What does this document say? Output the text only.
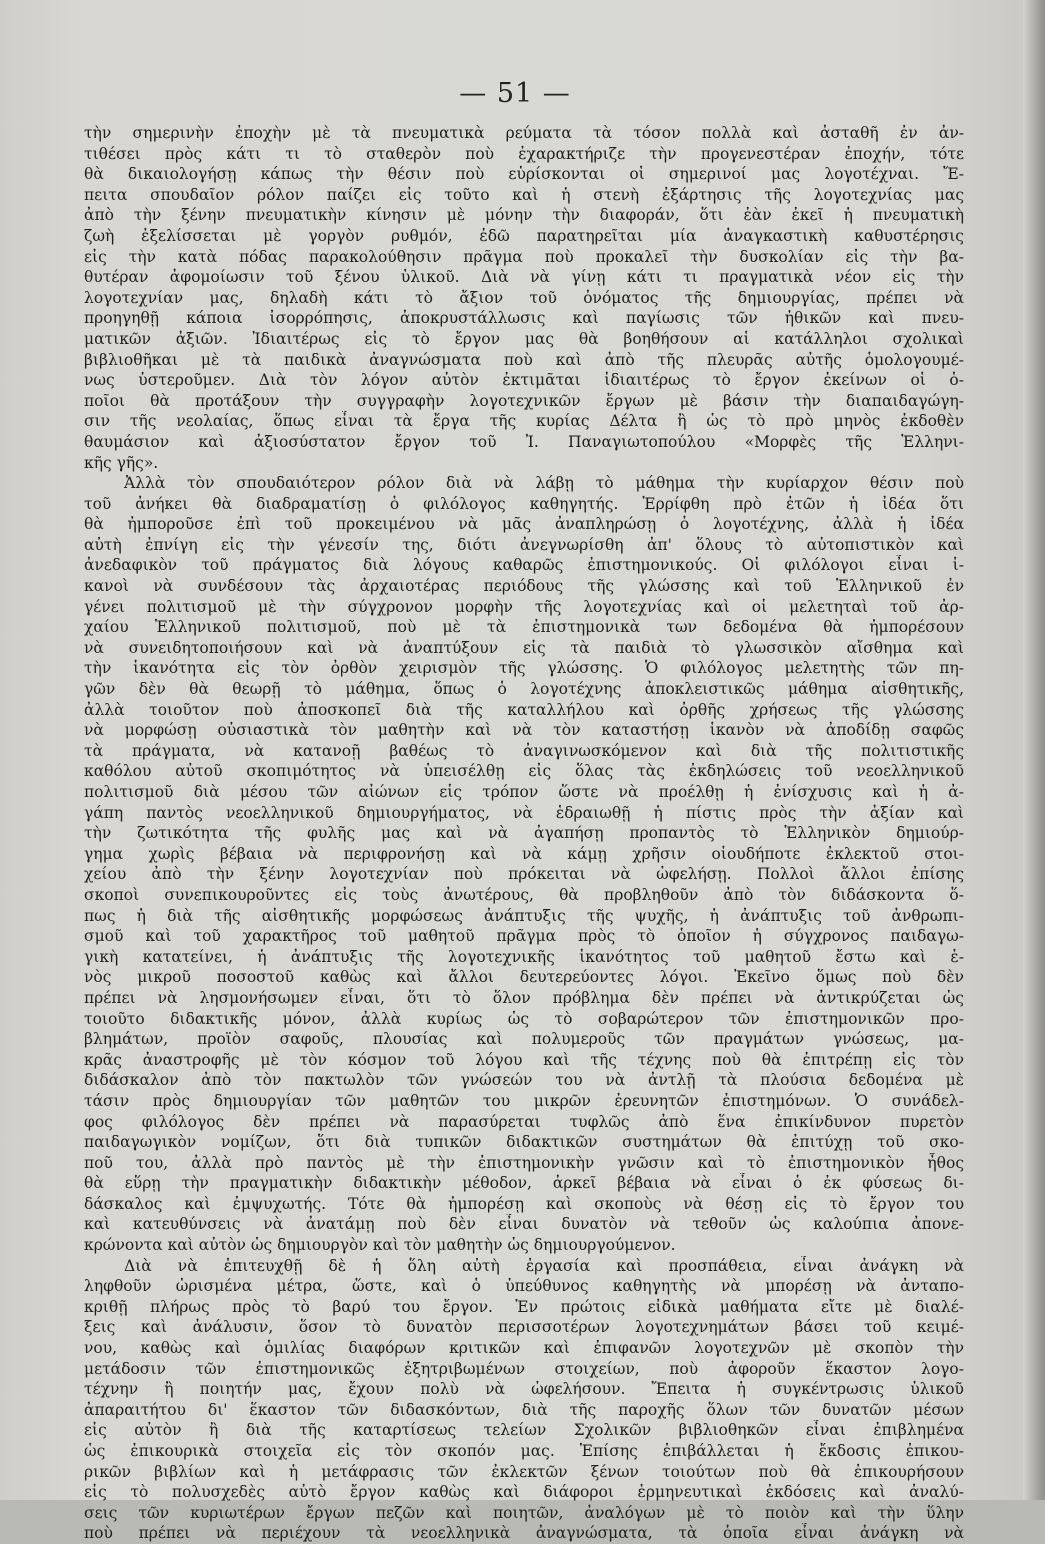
— 51 —
τὴν σημερινὴν ἐποχὴν μὲ τὰ πνευματικὰ ρεύματα τὰ τόσον πολλὰ καὶ ἀσταθῆ ἐν ἀν-
τιθέσει πρὸς κάτι τι τὸ σταθερὸν ποὺ ἐχαρακτήριζε τὴν προγενεστέραν ἐποχήν, τότε
θὰ δικαιολογήσῃ κάπως τὴν θέσιν ποὺ εὑρίσκονται οἱ σημερινοί μας λογοτέχναι. Ἔ-
πειτα σπουδαῖον ρόλον παίζει εἰς τοῦτο καὶ ἡ στενὴ ἐξάρτησις τῆς λογοτεχνίας μας
ἀπὸ τὴν ξένην πνευματικὴν κίνησιν μὲ μόνην τὴν διαφοράν, ὅτι ἐὰν ἐκεῖ ἡ πνευματικὴ
ζωὴ ἐξελίσσεται μὲ γοργὸν ρυθμόν, ἐδῶ παρατηρεῖται μία ἀναγκαστικὴ καθυστέρησις
εἰς τὴν κατὰ πόδας παρακολούθησιν πρᾶγμα ποὺ προκαλεῖ τὴν δυσκολίαν εἰς τὴν βα-
θυτέραν ἀφομοίωσιν τοῦ ξένου ὑλικοῦ. Διὰ νὰ γίνῃ κάτι τι πραγματικὰ νέον εἰς τὴν
λογοτεχνίαν μας, δηλαδὴ κάτι τὸ ἄξιον τοῦ ὀνόματος τῆς δημιουργίας, πρέπει νὰ
προηγηθῇ κάποια ἰσορρόπησις, ἀποκρυστάλλωσις καὶ παγίωσις τῶν ἠθικῶν καὶ πνευ-
ματικῶν ἀξιῶν. Ἰδιαιτέρως εἰς τὸ ἔργον μας θὰ βοηθήσουν αἱ κατάλληλοι σχολικαὶ
βιβλιοθῆκαι μὲ τὰ παιδικὰ ἀναγνώσματα ποὺ καὶ ἀπὸ τῆς πλευρᾶς αὐτῆς ὁμολογουμέ-
νως ὑστεροῦμεν. Διὰ τὸν λόγον αὐτὸν ἐκτιμᾶται ἰδιαιτέρως τὸ ἔργον ἐκείνων οἱ ὁ-
ποῖοι θὰ προτάξουν τὴν συγγραφὴν λογοτεχνικῶν ἔργων μὲ βάσιν τὴν διαπαιδαγώγη-
σιν τῆς νεολαίας, ὅπως εἶναι τὰ ἔργα τῆς κυρίας Δέλτα ἢ ὡς τὸ πρὸ μηνὸς ἐκδοθὲν
θαυμάσιον καὶ ἀξιοσύστατον ἔργον τοῦ Ἰ. Παναγιωτοπούλου «Μορφὲς τῆς Ἑλληνι-
κῆς γῆς».
Ἀλλὰ τὸν σπουδαιότερον ρόλον διὰ νὰ λάβῃ τὸ μάθημα τὴν κυρίαρχον θέσιν ποὺ
τοῦ ἀνήκει θὰ διαδραματίσῃ ὁ φιλόλογος καθηγητής. Ἐρρίφθη πρὸ ἐτῶν ἡ ἰδέα ὅτι
θὰ ἠμποροῦσε ἐπὶ τοῦ προκειμένου νὰ μᾶς ἀναπληρώσῃ ὁ λογοτέχνης, ἀλλὰ ἡ ἰδέα
αὐτὴ ἐπνίγη εἰς τὴν γένεσίν της, διότι ἀνεγνωρίσθη ἀπ' ὅλους τὸ αὐτοπιστικὸν καὶ
ἀνεδαφικὸν τοῦ πράγματος διὰ λόγους καθαρῶς ἐπιστημονικούς. Οἱ φιλόλογοι εἶναι ἱ-
κανοὶ νὰ συνδέσουν τὰς ἀρχαιοτέρας περιόδους τῆς γλώσσης καὶ τοῦ Ἑλληνικοῦ ἐν
γένει πολιτισμοῦ μὲ τὴν σύγχρονον μορφὴν τῆς λογοτεχνίας καὶ οἱ μελετηταὶ τοῦ ἀρ-
χαίου Ἑλληνικοῦ πολιτισμοῦ, ποὺ μὲ τὰ ἐπιστημονικὰ των δεδομένα θὰ ἠμπορέσουν
νὰ συνειδητοποιήσουν καὶ νὰ ἀναπτύξουν εἰς τὰ παιδιὰ τὸ γλωσσικὸν αἴσθημα καὶ
τὴν ἱκανότητα εἰς τὸν ὀρθὸν χειρισμὸν τῆς γλώσσης. Ὁ φιλόλογος μελετητὴς τῶν πη-
γῶν δὲν θὰ θεωρῇ τὸ μάθημα, ὅπως ὁ λογοτέχνης ἀποκλειστικῶς μάθημα αἰσθητικῆς,
ἀλλὰ τοιοῦτον ποὺ ἀποσκοπεῖ διὰ τῆς καταλλήλου καὶ ὀρθῆς χρήσεως τῆς γλώσσης
νὰ μορφώσῃ οὐσιαστικὰ τὸν μαθητὴν καὶ νὰ τὸν καταστήσῃ ἱκανὸν νὰ ἀποδίδῃ σαφῶς
τὰ πράγματα, νὰ κατανοῇ βαθέως τὸ ἀναγινωσκόμενον καὶ διὰ τῆς πολιτιστικῆς
καθόλου αὐτοῦ σκοπιμότητος νὰ ὑπεισέλθῃ εἰς ὅλας τὰς ἐκδηλώσεις τοῦ νεοελληνικοῦ
πολιτισμοῦ διὰ μέσου τῶν αἰώνων εἰς τρόπον ὥστε νὰ προέλθῃ ἡ ἐνίσχυσις καὶ ἡ ἀ-
γάπη παντὸς νεοελληνικοῦ δημιουργήματος, νὰ ἑδραιωθῇ ἡ πίστις πρὸς τὴν ἀξίαν καὶ
τὴν ζωτικότητα τῆς φυλῆς μας καὶ νὰ ἀγαπήσῃ προπαντὸς τὸ Ἑλληνικὸν δημιούρ-
γημα χωρὶς βέβαια νὰ περιφρονήσῃ καὶ νὰ κάμῃ χρῆσιν οἱουδήποτε ἐκλεκτοῦ στοι-
χείου ἀπὸ τὴν ξένην λογοτεχνίαν ποὺ πρόκειται νὰ ὠφελήσῃ. Πολλοὶ ἄλλοι ἐπίσης
σκοποὶ συνεπικουροῦντες εἰς τοὺς ἀνωτέρους, θὰ προβληθοῦν ἀπὸ τὸν διδάσκοντα ὅ-
πως ἡ διὰ τῆς αἰσθητικῆς μορφώσεως ἀνάπτυξις τῆς ψυχῆς, ἡ ἀνάπτυξις τοῦ ἀνθρωπι-
σμοῦ καὶ τοῦ χαρακτῆρος τοῦ μαθητοῦ πρᾶγμα πρὸς τὸ ὁποῖον ἡ σύγχρονος παιδαγω-
γικὴ κατατείνει, ἡ ἀνάπτυξις τῆς λογοτεχνικῆς ἱκανότητος τοῦ μαθητοῦ ἔστω καὶ ἑ-
νὸς μικροῦ ποσοστοῦ καθὼς καὶ ἄλλοι δευτερεύοντες λόγοι. Ἐκεῖνο ὅμως ποὺ δὲν
πρέπει νὰ λησμονήσωμεν εἶναι, ὅτι τὸ ὅλον πρόβλημα δὲν πρέπει νὰ ἀντικρύζεται ὡς
τοιοῦτο διδακτικῆς μόνον, ἀλλὰ κυρίως ὡς τὸ σοβαρώτερον τῶν ἐπιστημονικῶν προ-
βλημάτων, προϊὸν σαφοῦς, πλουσίας καὶ πολυμεροῦς τῶν πραγμάτων γνώσεως, μα-
κρᾶς ἀναστροφῆς μὲ τὸν κόσμον τοῦ λόγου καὶ τῆς τέχνης ποὺ θὰ ἐπιτρέπῃ εἰς τὸν
διδάσκαλον ἀπὸ τὸν πακτωλὸν τῶν γνώσεών του νὰ ἀντλῇ τὰ πλούσια δεδομένα μὲ
τάσιν πρὸς δημιουργίαν τῶν μαθητῶν του μικρῶν ἐρευνητῶν ἐπιστημόνων. Ὁ συνάδελ-
φος φιλόλογος δὲν πρέπει νὰ παρασύρεται τυφλῶς ἀπὸ ἕνα ἐπικίνδυνον πυρετὸν
παιδαγωγικὸν νομίζων, ὅτι διὰ τυπικῶν διδακτικῶν συστημάτων θὰ ἐπιτύχῃ τοῦ σκο-
ποῦ του, ἀλλὰ πρὸ παντὸς μὲ τὴν ἐπιστημονικὴν γνῶσιν καὶ τὸ ἐπιστημονικὸν ἦθος
θὰ εὕρῃ τὴν πραγματικὴν διδακτικὴν μέθοδον, ἀρκεῖ βέβαια νὰ εἶναι ὁ ἐκ φύσεως δι-
δάσκαλος καὶ ἐμψυχωτής. Τότε θὰ ἠμπορέσῃ καὶ σκοποὺς νὰ θέσῃ εἰς τὸ ἔργον του
καὶ κατευθύνσεις νὰ ἀνατάμῃ ποὺ δὲν εἶναι δυνατὸν νὰ τεθοῦν ὡς καλούπια ἀπονε-
κρώνοντα καὶ αὐτὸν ὡς δημιουργὸν καὶ τὸν μαθητὴν ὡς δημιουργούμενον.
Διὰ νὰ ἐπιτευχθῇ δὲ ἡ ὅλη αὐτὴ ἐργασία καὶ προσπάθεια, εἶναι ἀνάγκη νὰ
ληφθοῦν ὡρισμένα μέτρα, ὥστε, καὶ ὁ ὑπεύθυνος καθηγητὴς νὰ μπορέσῃ νὰ ἀνταπο-
κριθῇ πλήρως πρὸς τὸ βαρύ του ἔργον. Ἐν πρώτοις εἰδικὰ μαθήματα εἴτε μὲ διαλέ-
ξεις καὶ ἀνάλυσιν, ὅσον τὸ δυνατὸν περισσοτέρων λογοτεχνημάτων βάσει τοῦ κειμέ-
νου, καθὼς καὶ ὁμιλίας διαφόρων κριτικῶν καὶ ἐπιφανῶν λογοτεχνῶν μὲ σκοπὸν τὴν
μετάδοσιν τῶν ἐπιστημονικῶς ἐξητριβωμένων στοιχείων, ποὺ ἀφοροῦν ἕκαστον λογο-
τέχνην ἢ ποιητήν μας, ἔχουν πολὺ νὰ ὠφελήσουν. Ἔπειτα ἡ συγκέντρωσις ὑλικοῦ
ἀπαραιτήτου δι' ἕκαστον τῶν διδασκόντων, διὰ τῆς παροχῆς ὅλων τῶν δυνατῶν μέσων
εἰς αὐτὸν ἢ διὰ τῆς καταρτίσεως τελείων Σχολικῶν βιβλιοθηκῶν εἶναι ἐπιβλημένα
ὡς ἐπικουρικὰ στοιχεῖα εἰς τὸν σκοπόν μας. Ἐπίσης ἐπιβάλλεται ἡ ἔκδοσις ἐπικου-
ρικῶν βιβλίων καὶ ἡ μετάφρασις τῶν ἐκλεκτῶν ξένων τοιούτων ποὺ θὰ ἐπικουρήσουν
εἰς τὸ πολυσχεδὲς αὐτὸ ἔργον καθὼς καὶ διάφοροι ἑρμηνευτικαὶ ἐκδόσεις καὶ ἀναλύ-
σεις τῶν κυριωτέρων ἔργων πεζῶν καὶ ποιητῶν, ἀναλόγων μὲ τὸ ποιὸν καὶ τὴν ὕλην
ποὺ πρέπει νὰ περιέχουν τὰ νεοελληνικὰ ἀναγνώσματα, τὰ ὁποῖα εἶναι ἀνάγκη νὰ
